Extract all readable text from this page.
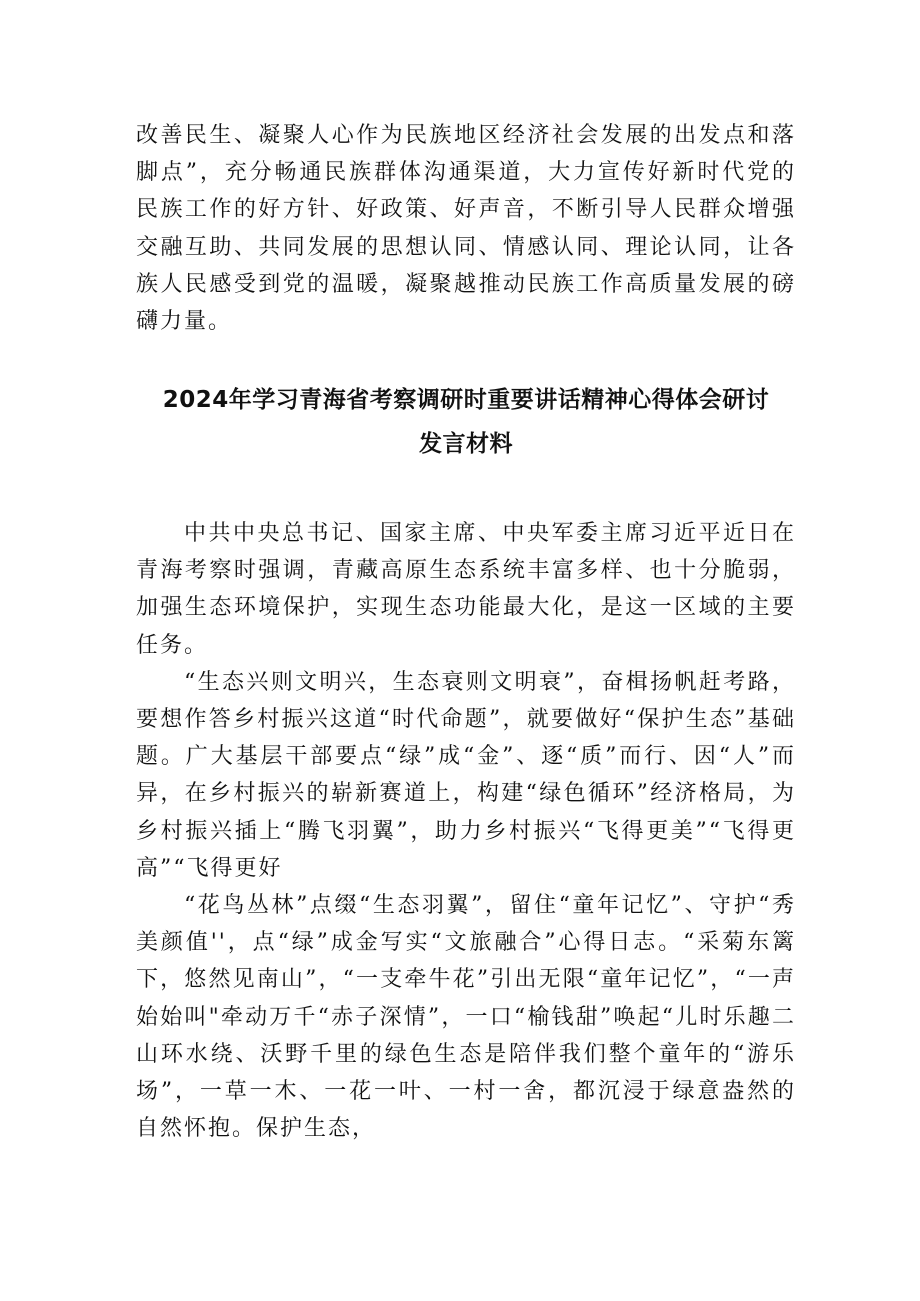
改善民生、凝聚人心作为民族地区经济社会发展的出发点和落脚点”，充分畅通民族群体沟通渠道，大力宣传好新时代党的民族工作的好方针、好政策、好声音，不断引导人民群众增强交融互助、共同发展的思想认同、情感认同、理论认同，让各族人民感受到党的温暖，凝聚越推动民族工作高质量发展的磅礴力量。

2024年学习青海省考察调研时重要讲话精神心得体会研讨
发言材料

中共中央总书记、国家主席、中央军委主席习近平近日在青海考察时强调，青藏高原生态系统丰富多样、也十分脆弱，加强生态环境保护，实现生态功能最大化，是这一区域的主要任务。

“生态兴则文明兴，生态衰则文明衰”，奋楫扬帆赶考路，要想作答乡村振兴这道“时代命题”，就要做好“保护生态”基础题。广大基层干部要点“绿”成“金”、逐“质”而行、因“人”而异，在乡村振兴的崭新赛道上，构建“绿色循环”经济格局，为乡村振兴插上“腾飞羽翼”，助力乡村振兴“飞得更美”“飞得更高”“飞得更好

“花鸟丛林”点缀“生态羽翼”，留住“童年记忆”、守护“秀美颜值''，点“绿”成金写实“文旅融合”心得日志。“采菊东篱下，悠然见南山”，“一支牵牛花”引出无限“童年记忆”，“一声始始叫"牵动万千“赤子深情”，一口“榆钱甜”唤起“儿时乐趣二山环水绕、沃野千里的绿色生态是陪伴我们整个童年的“游乐场”，一草一木、一花一叶、一村一舍，都沉浸于绿意盎然的自然怀抱。保护生态，
